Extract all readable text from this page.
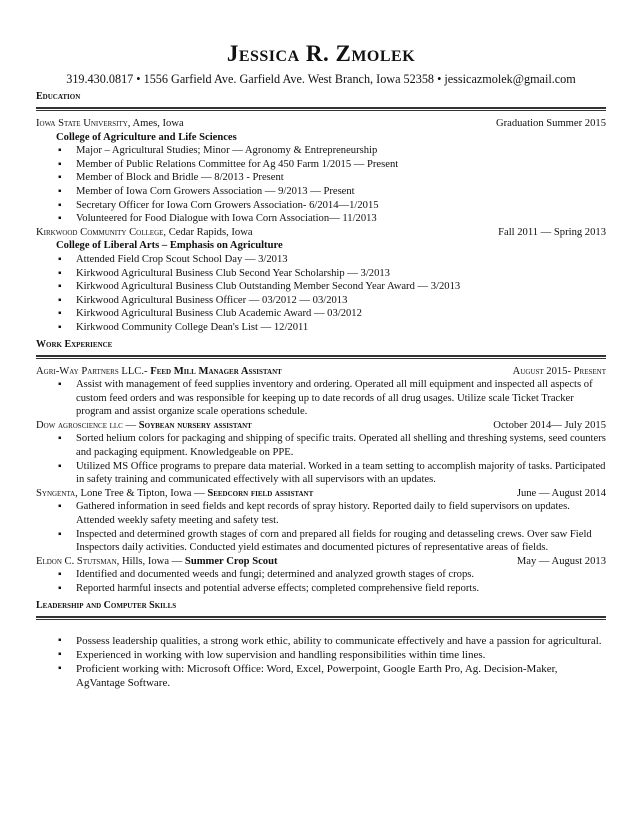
Jessica R. Zmolek
319.430.0817 • 1556 Garfield Ave. Garfield Ave. West Branch, Iowa 52358 • jessicazmolek@gmail.com
Education
Iowa State University, Ames, Iowa	Graduation Summer 2015
College of Agriculture and Life Sciences
▪ Major – Agricultural Studies; Minor — Agronomy & Entrepreneurship
▪ Member of Public Relations Committee for Ag 450 Farm 1/2015 — Present
▪ Member of Block and Bridle — 8/2013 - Present
▪ Member of Iowa Corn Growers Association — 9/2013 — Present
▪ Secretary Officer for Iowa Corn Growers Association- 6/2014—1/2015
▪ Volunteered for Food Dialogue with Iowa Corn Association— 11/2013
Kirkwood Community College, Cedar Rapids, Iowa	Fall 2011 — Spring 2013
College of Liberal Arts – Emphasis on Agriculture
▪ Attended Field Crop Scout School Day — 3/2013
▪ Kirkwood Agricultural Business Club Second Year Scholarship — 3/2013
▪ Kirkwood Agricultural Business Club Outstanding Member Second Year Award — 3/2013
▪ Kirkwood Agricultural Business Officer — 03/2012 — 03/2013
▪ Kirkwood Agricultural Business Club Academic Award — 03/2012
▪ Kirkwood Community College Dean's List — 12/2011
Work Experience
Agri-Way Partners LLC.- Feed Mill Manager Assistant	August 2015- Present
▪ Assist with management of feed supplies inventory and ordering. Operated all mill equipment and inspected all aspects of custom feed orders and was responsible for keeping up to date records of all drug usages. Utilize scale Ticket Tracker program and assist organize scale operations schedule.
Dow agroscience llc — Soybean nursery assistant	October 2014— July 2015
▪ Sorted helium colors for packaging and shipping of specific traits. Operated all shelling and threshing systems, seed counters and packaging equipment. Knowledgeable on PPE.
▪ Utilized MS Office programs to prepare data material. Worked in a team setting to accomplish majority of tasks. Participated in safety training and communicated effectively with all supervisors with an updates.
Syngenta, Lone Tree & Tipton, Iowa — Seedcorn field assistant	June — August 2014
▪ Gathered information in seed fields and kept records of spray history. Reported daily to field supervisors on updates. Attended weekly safety meeting and safety test.
▪ Inspected and determined growth stages of corn and prepared all fields for rouging and detasseling crews. Over saw Field Inspectors daily activities. Conducted yield estimates and documented pictures of representative areas of fields.
Eldon C. Stutsman, Hills, Iowa — Summer Crop Scout	May — August 2013
▪ Identified and documented weeds and fungi; determined and analyzed growth stages of crops.
▪ Reported harmful insects and potential adverse effects; completed comprehensive field reports.
Leadership and Computer Skills
▪ Possess leadership qualities, a strong work ethic, ability to communicate effectively and have a passion for agricultural.
▪ Experienced in working with low supervision and handling responsibilities within time lines.
▪ Proficient working with: Microsoft Office: Word, Excel, Powerpoint, Google Earth Pro, Ag. Decision-Maker, AgVantage Software.
